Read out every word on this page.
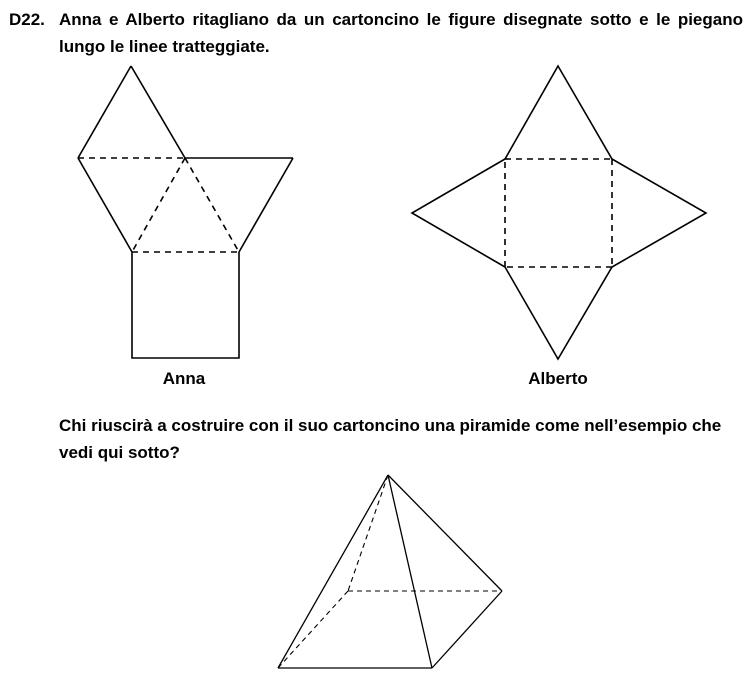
D22. Anna e Alberto ritagliano da un cartoncino le figure disegnate sotto e le piegano lungo le linee tratteggiate.
Anna	Alberto
Chi riuscirà a costruire con il suo cartoncino una piramide come nell’esempio che vedi qui sotto?
